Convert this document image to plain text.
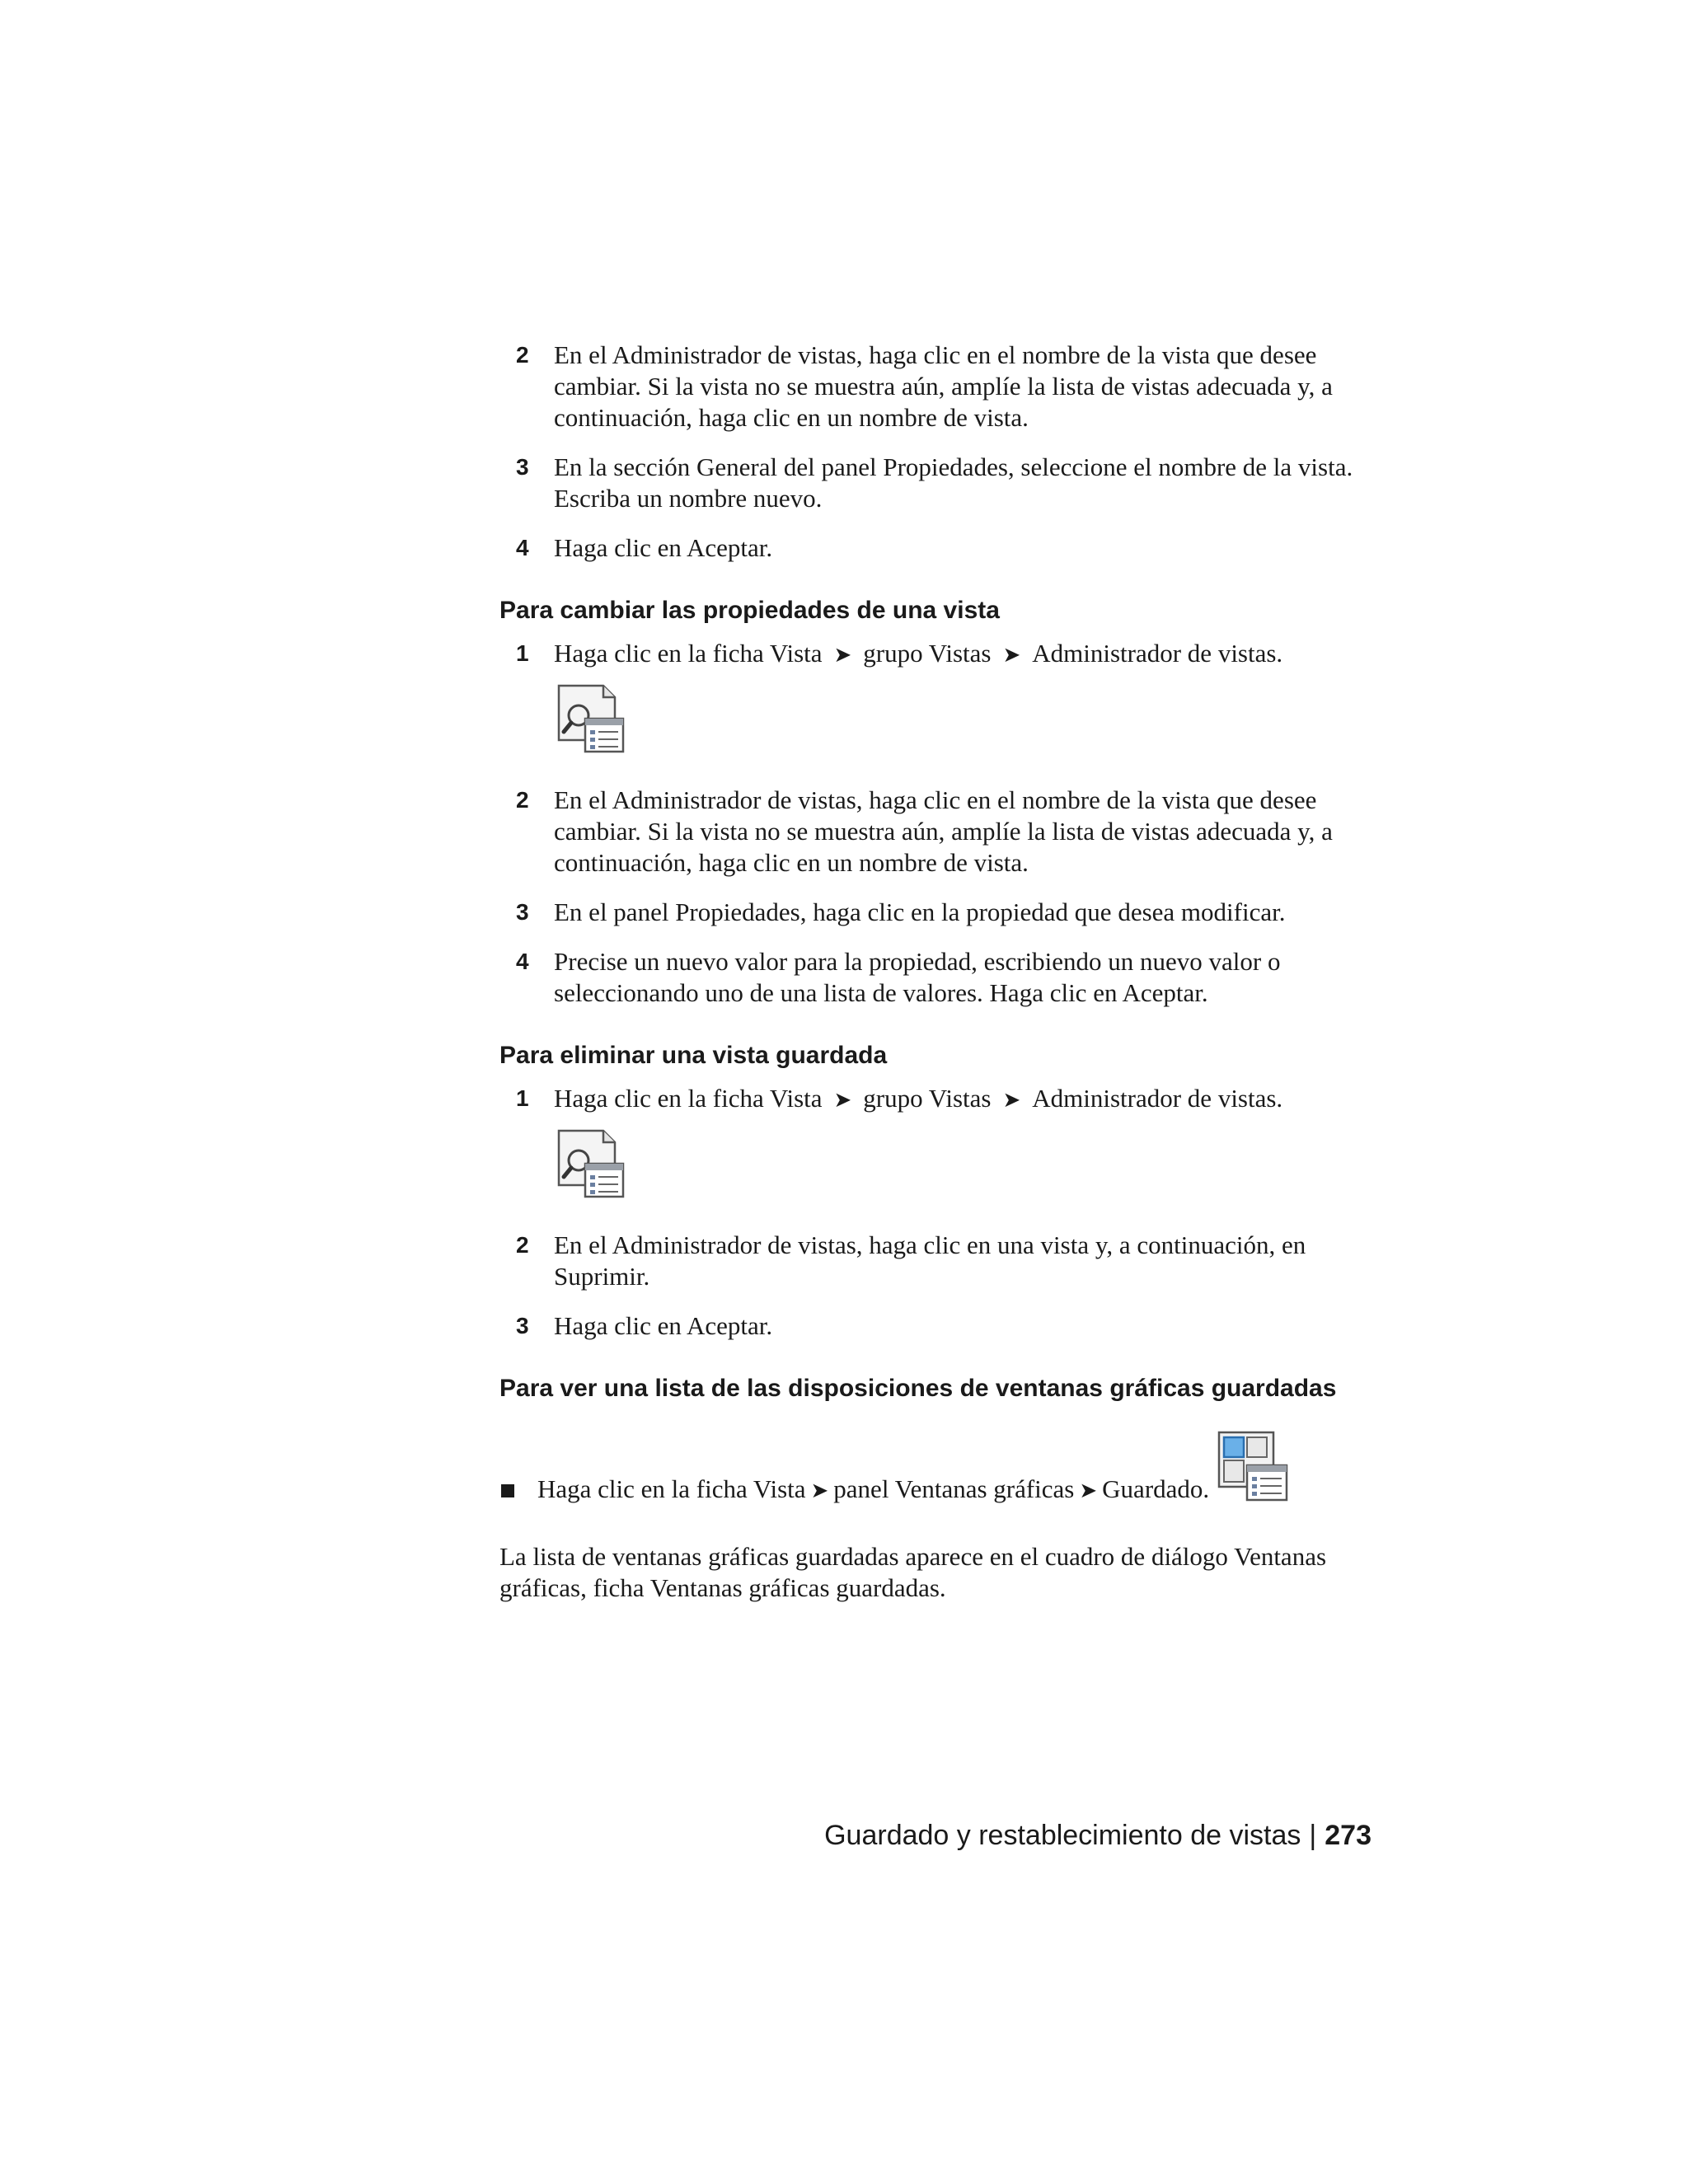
2 En el Administrador de vistas, haga clic en el nombre de la vista que desee cambiar. Si la vista no se muestra aún, amplíe la lista de vistas adecuada y, a continuación, haga clic en un nombre de vista.
3 En la sección General del panel Propiedades, seleccione el nombre de la vista. Escriba un nombre nuevo.
4 Haga clic en Aceptar.
Para cambiar las propiedades de una vista
1 Haga clic en la ficha Vista ➤ grupo Vistas ➤ Administrador de vistas.
2 En el Administrador de vistas, haga clic en el nombre de la vista que desee cambiar. Si la vista no se muestra aún, amplíe la lista de vistas adecuada y, a continuación, haga clic en un nombre de vista.
3 En el panel Propiedades, haga clic en la propiedad que desea modificar.
4 Precise un nuevo valor para la propiedad, escribiendo un nuevo valor o seleccionando uno de una lista de valores. Haga clic en Aceptar.
Para eliminar una vista guardada
1 Haga clic en la ficha Vista ➤ grupo Vistas ➤ Administrador de vistas.
2 En el Administrador de vistas, haga clic en una vista y, a continuación, en Suprimir.
3 Haga clic en Aceptar.
Para ver una lista de las disposiciones de ventanas gráficas guardadas
Haga clic en la ficha Vista ➤ panel Ventanas gráficas ➤ Guardado.
La lista de ventanas gráficas guardadas aparece en el cuadro de diálogo Ventanas gráficas, ficha Ventanas gráficas guardadas.
Guardado y restablecimiento de vistas | 273
